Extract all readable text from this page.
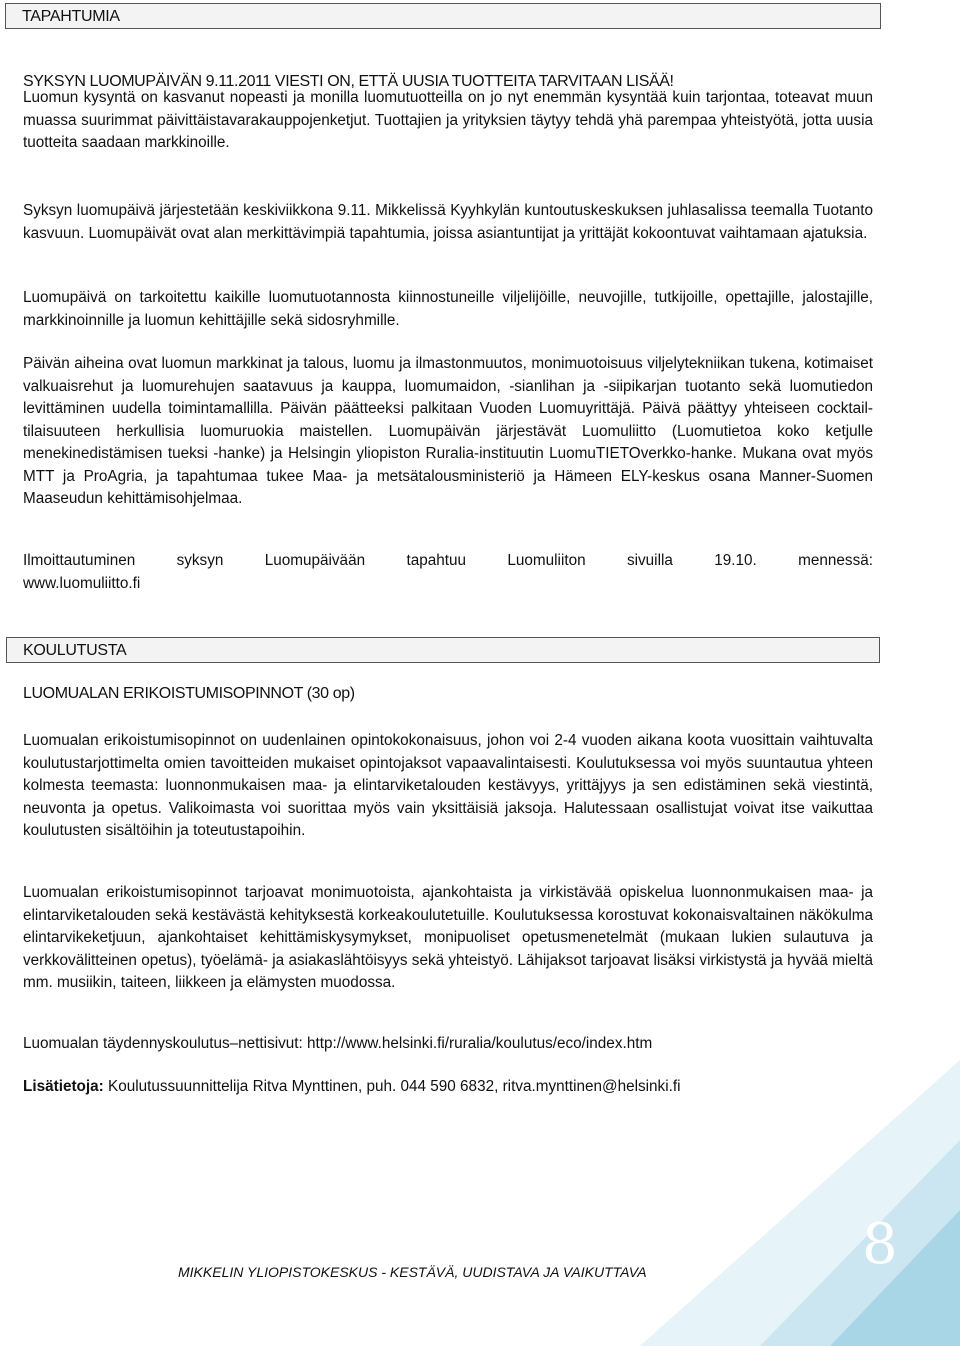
TAPAHTUMIA
SYKSYN LUOMUPÄIVÄN 9.11.2011 VIESTI ON, ETTÄ UUSIA TUOTTEITA TARVITAAN LISÄÄ!

Luomun kysyntä on kasvanut nopeasti ja monilla luomutuotteilla on jo nyt enemmän kysyntää kuin tarjontaa, toteavat muun muassa suurimmat päivittäistavarakauppojenketjut. Tuottajien ja yrityksien täytyy tehdä yhä parempaa yhteistyötä, jotta uusia tuotteita saadaan markkinoille.

Syksyn luomupäivä järjestetään keskiviikkona 9.11. Mikkelissä Kyyhkylän kuntoutuskeskuksen juhlasalissa teemalla Tuotanto kasvuun. Luomupäivät ovat alan merkittävimpiä tapahtumia, joissa asiantuntijat ja yrittäjät kokoontuvat vaihtamaan ajatuksia.

Luomupäivä on tarkoitettu kaikille luomutuotannosta kiinnostuneille viljelijöille, neuvojille, tutkijoille, opettajille, jalostajille, markkinoinnille ja luomun kehittäjille sekä sidosryhmille.

Päivän aiheina ovat luomun markkinat ja talous, luomu ja ilmastonmuutos, monimuotoisuus viljelytekniikan tukena, kotimaiset valkuaisrehut ja luomurehujen saatavuus ja kauppa, luomumaidon, -sianlihan ja -siipikarjan tuotanto sekä luomutiedon levittäminen uudella toimintamallilla. Päivän päätteeksi palkitaan Vuoden Luomuyrittäjä. Päivä päättyy yhteiseen cocktail-tilaisuuteen herkullisia luomuruokia maistellen. Luomupäivän järjestävät Luomuliitto (Luomutietoa koko ketjulle menekinedistämisen tueksi -hanke) ja Helsingin yliopiston Ruralia-instituutin LuomuTIETOverkko-hanke. Mukana ovat myös MTT ja ProAgria, ja tapahtumaa tukee Maa- ja metsätalousministeriö ja Hämeen ELY-keskus osana Manner-Suomen Maaseudun kehittämisohjelmaa.

Ilmoittautuminen syksyn Luomupäivään tapahtuu Luomuliiton sivuilla 19.10. mennessä:
www.luomuliitto.fi
KOULUTUSTA
LUOMUALAN ERIKOISTUMISOPINNOT (30 op)

Luomualan erikoistumisopinnot on uudenlainen opintokokonaisuus, johon voi 2-4 vuoden aikana koota vuosittain vaihtuvalta koulutustarjottimelta omien tavoitteiden mukaiset opintojaksot vapaavalintaisesti. Koulutuksessa voi myös suuntautua yhteen kolmesta teemasta: luonnonmukaisen maa- ja elintarviketalouden kestävyys, yrittäjyys ja sen edistäminen sekä viestintä, neuvonta ja opetus. Valikoimasta voi suorittaa myös vain yksittäisiä jaksoja. Halutessaan osallistujat voivat itse vaikuttaa koulutusten sisältöihin ja toteutustapoihin.

Luomualan erikoistumisopinnot tarjoavat monimuotoista, ajankohtaista ja virkistävää opiskelua luonnonmukaisen maa- ja elintarviketalouden sekä kestävästä kehityksestä korkeakoulutetuille. Koulutuksessa korostuvat kokonaisvaltainen näkökulma elintarvikeketjuun, ajankohtaiset kehittämiskysymykset, monipuoliset opetusmenetelmät (mukaan lukien sulautuva ja verkkovälitteinen opetus), työelämä- ja asiakaslähtöisyys sekä yhteistyö. Lähijaksot tarjoavat lisäksi virkistystä ja hyvää mieltä mm. musiikin, taiteen, liikkeen ja elämysten muodossa.

Luomualan täydennyskoulutus–nettisivut: http://www.helsinki.fi/ruralia/koulutus/eco/index.htm

Lisätietoja: Koulutussuunnittelija Ritva Mynttinen, puh. 044 590 6832, ritva.mynttinen@helsinki.fi

MIKKELIN YLIOPISTOKESKUS - KESTÄVÄ, UUDISTAVA JA VAIKUTTAVA	8
